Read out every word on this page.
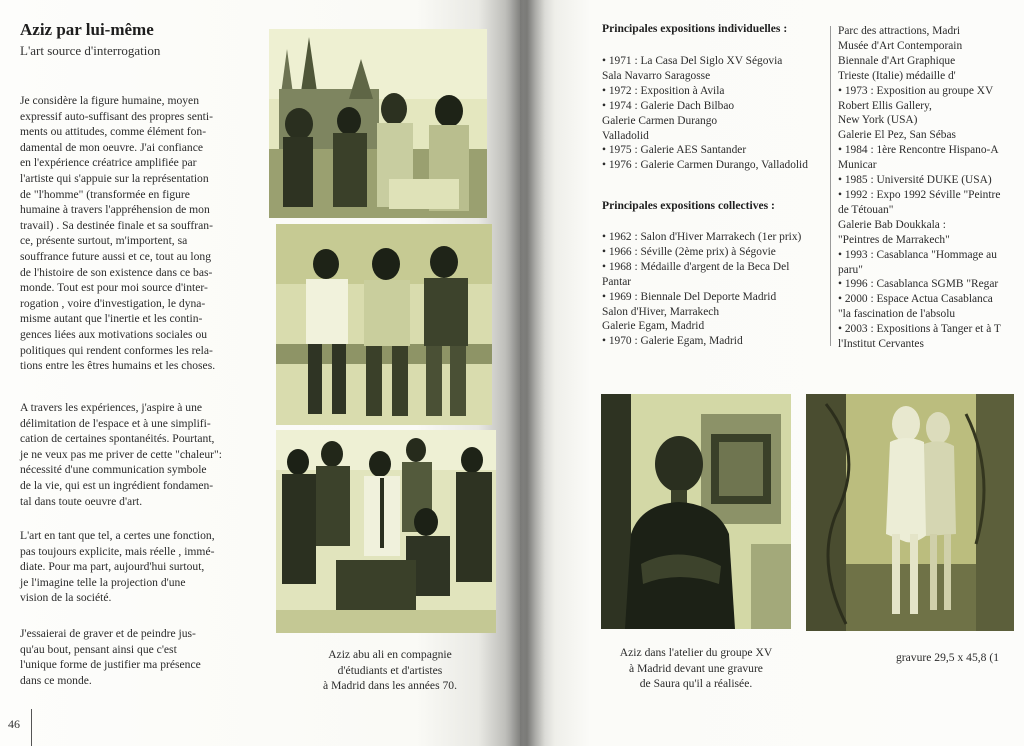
Aziz par lui-même
L'art source d'interrogation

Je considère la figure humaine, moyen

expressif auto-suffisant des propres senti-

ments ou attitudes, comme élément fon-

damental de mon oeuvre. J'ai confiance

en l'expérience créatrice amplifiée par

l'artiste qui s'appuie sur la représentation

de "l'homme" (transformée en figure

humaine à travers l'appréhension de mon

travail) . Sa destinée finale et sa souffran-

ce, présente surtout, m'importent, sa

souffrance future aussi et ce, tout au long

de l'histoire de son existence dans ce bas-

monde. Tout est pour moi source d'inter-

rogation , voire d'investigation, le dyna-

misme autant que l'inertie et les contin-

gences liées aux motivations sociales ou

politiques qui rendent conformes les rela-

tions entre les êtres humains et les choses.

A travers les expériences, j'aspire à une

délimitation de l'espace et à une simplifi-

cation de certaines spontanéités. Pourtant,

je ne veux pas me priver de cette "chaleur":

nécessité d'une communication symbole

de la vie, qui est un ingrédient fondamen-

tal dans toute oeuvre d'art.

L'art en tant que tel, a certes une fonction,

pas toujours explicite, mais réelle , immé-

diate. Pour ma part, aujourd'hui surtout,

je l'imagine telle la projection d'une

vision de la société.

J'essaierai de graver et de peindre jus-

qu'au bout, pensant ainsi que c'est

l'unique forme de justifier ma présence

dans ce monde.

Aziz abu ali en compagnie
d'étudiants et d'artistes
à Madrid dans les années 70.
46
Principales expositions individuelles :
• 1971 : La Casa Del Siglo XV Ségovia
Sala Navarro Saragosse
• 1972 : Exposition à Avila
• 1974 : Galerie Dach Bilbao
Galerie Carmen Durango
Valladolid
• 1975 : Galerie AES Santander
• 1976 : Galerie Carmen Durango, Valladolid
Principales expositions collectives :
• 1962 : Salon d'Hiver Marrakech (1er prix)
• 1966 : Séville (2ème prix) à Ségovie
• 1968 : Médaille d'argent de la Beca Del
Pantar
• 1969 : Biennale Del Deporte Madrid
Salon d'Hiver, Marrakech
Galerie Egam, Madrid
• 1970 : Galerie Egam, Madrid
Parc des attractions, Madri
Musée d'Art Contemporain
Biennale d'Art Graphique
Trieste (Italie) médaille d'
• 1973 : Exposition au groupe XV
Robert Ellis Gallery,
New York (USA)
Galerie El Pez, San Sébas
• 1984 : 1ère Rencontre Hispano-A
Municar
• 1985 : Université DUKE (USA)
• 1992 : Expo 1992 Séville "Peintre
de Tétouan"
Galerie Bab Doukkala :
"Peintres de Marrakech"
• 1993 : Casablanca "Hommage au
paru"
• 1996 : Casablanca SGMB "Regar
• 2000 : Espace Actua Casablanca
"la fascination de l'absolu
• 2003 : Expositions à Tanger et à T
l'Institut Cervantes
Aziz dans l'atelier du groupe XV
à Madrid devant une gravure
de Saura qu'il a réalisée.
gravure 29,5 x 45,8 (1
